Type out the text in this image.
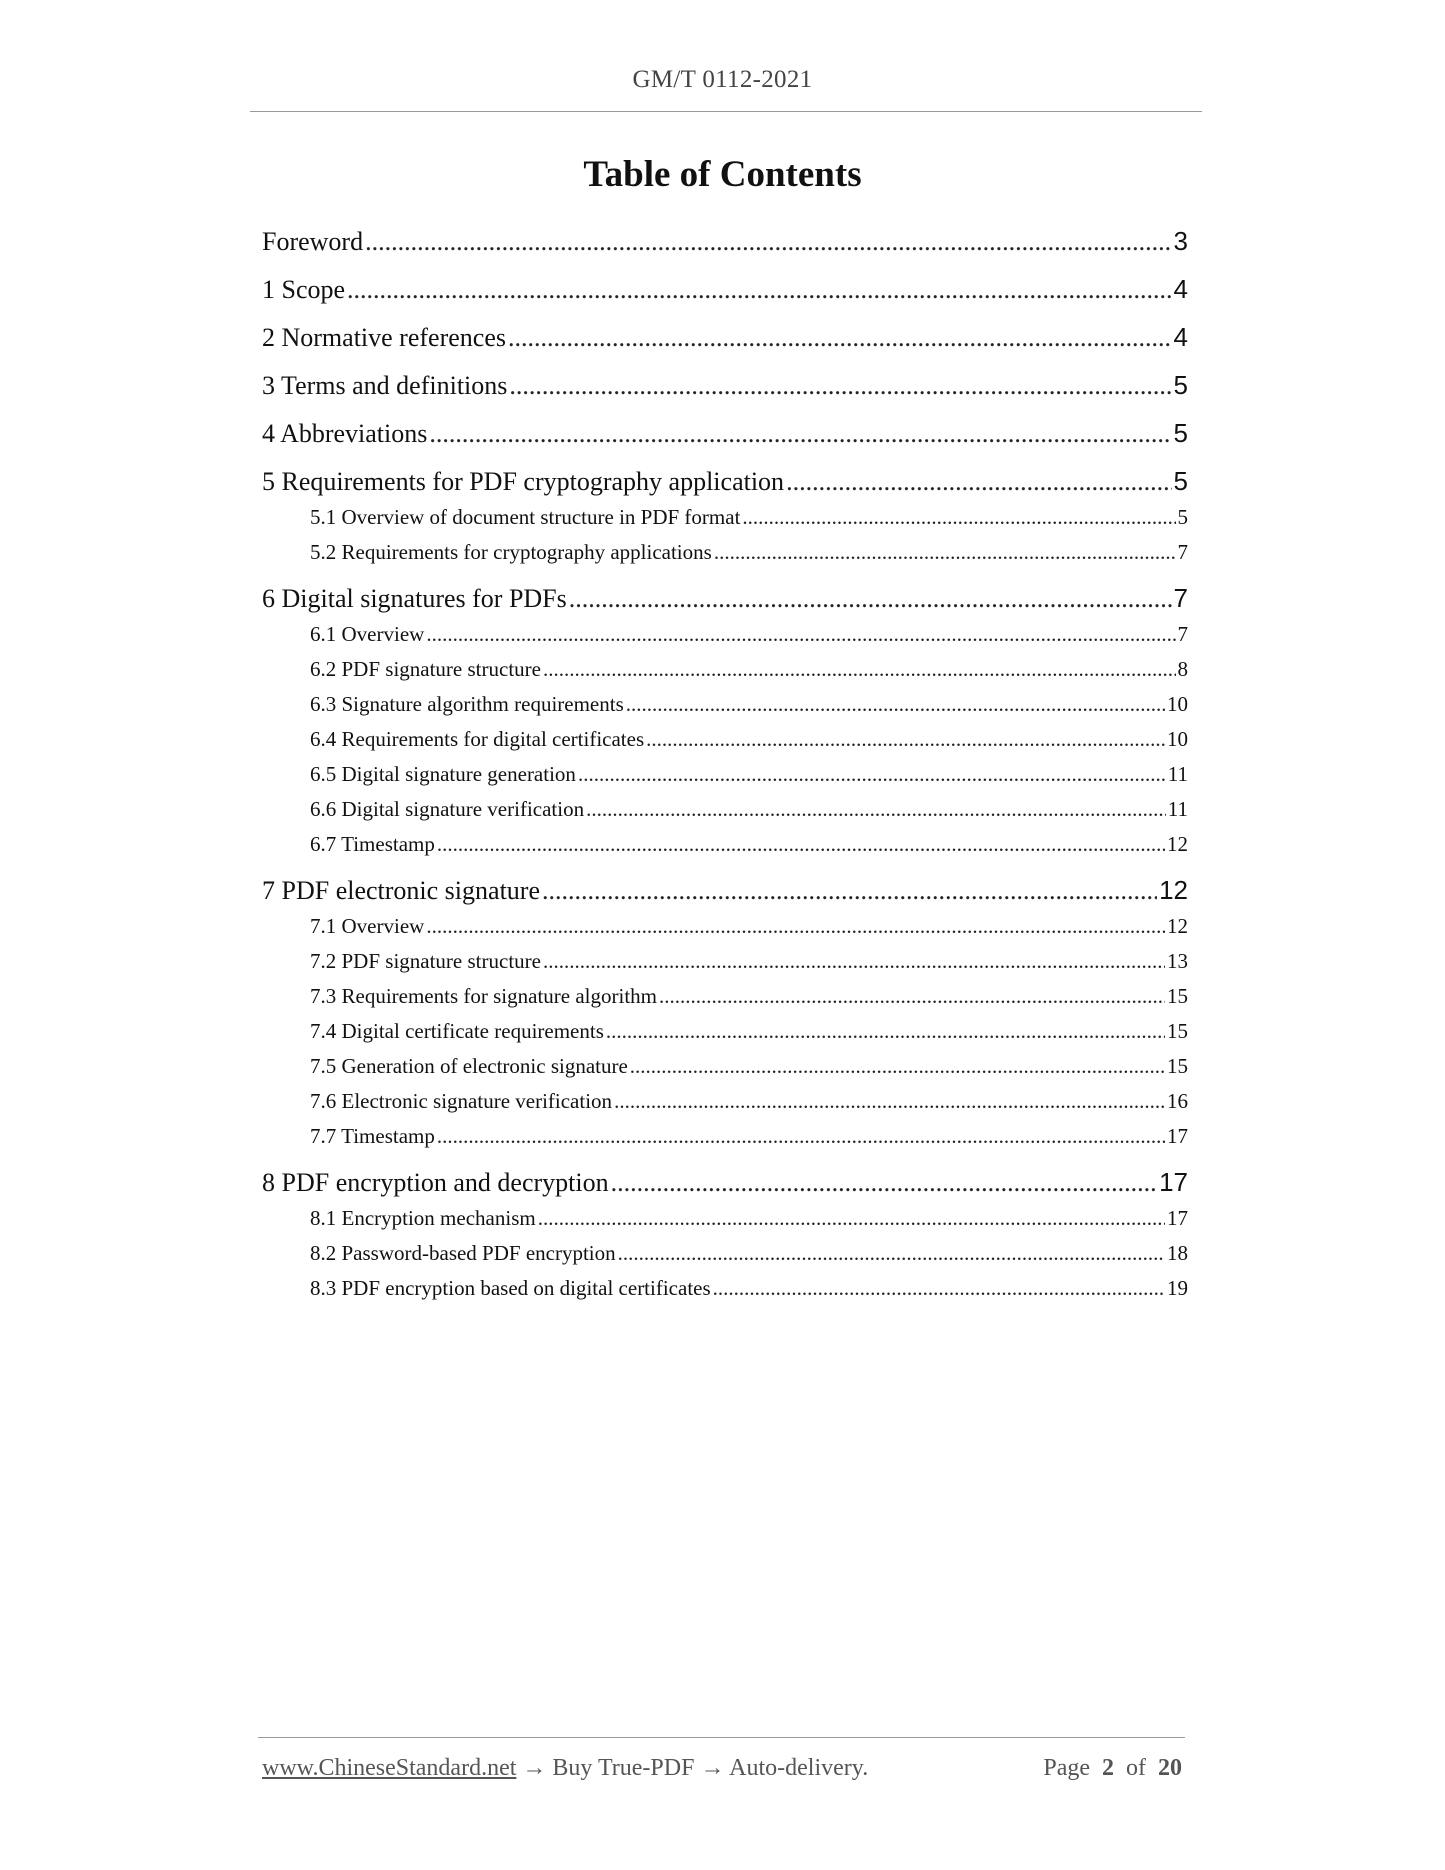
GM/T 0112-2021
Table of Contents
Foreword .....	3
1 Scope .....	4
2 Normative references .....	4
3 Terms and definitions .....	5
4 Abbreviations .....	5
5 Requirements for PDF cryptography application .....	5
5.1 Overview of document structure in PDF format .....	5
5.2 Requirements for cryptography applications .....	7
6 Digital signatures for PDFs .....	7
6.1 Overview .....	7
6.2 PDF signature structure .....	8
6.3 Signature algorithm requirements .....	10
6.4 Requirements for digital certificates .....	10
6.5 Digital signature generation .....	11
6.6 Digital signature verification .....	11
6.7 Timestamp .....	12
7 PDF electronic signature .....	12
7.1 Overview .....	12
7.2 PDF signature structure .....	13
7.3 Requirements for signature algorithm .....	15
7.4 Digital certificate requirements .....	15
7.5 Generation of electronic signature .....	15
7.6 Electronic signature verification .....	16
7.7 Timestamp .....	17
8 PDF encryption and decryption .....	17
8.1 Encryption mechanism .....	17
8.2 Password-based PDF encryption .....	18
8.3 PDF encryption based on digital certificates .....	19
www.ChineseStandard.net → Buy True-PDF → Auto-delivery.	Page 2 of 20
